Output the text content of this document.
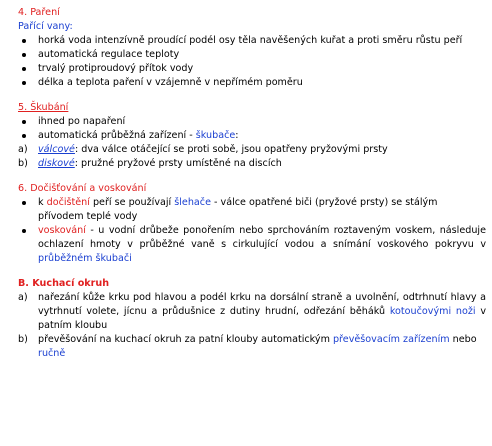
4. Paření
Pařící vany:
horká voda intenzívně proudící podél osy těla navěšených kuřat a proti směru růstu peří
automatická regulace teploty
trvalý protiproudový přítok vody
délka a teplota paření v vzájemně v nepřímém poměru
5. Škubání
ihned po napaření
automatická průběžná zařízení - škubače:
a)	válcové: dva válce otáčející se proti sobě, jsou opatřeny pryžovými prsty
b)	diskové: pružné pryžové prsty umístěné na discích
6. Dočišťování a voskování
k dočištění peří se používají šlehače - válce opatřené biči (pryžové prsty) se stálým přívodem teplé vody
voskování - u vodní drůbeže ponořením nebo sprchováním roztaveným voskem, následuje ochlazení hmoty v průběžné vaně s cirkulující vodou a snímání voskového pokryvu v průběžném škubači
B. Kuchací okruh
a)	nařezání kůže krku pod hlavou a podél krku na dorsální straně a uvolnění, odtrhnutí hlavy a vytrhnutí volete, jícnu a průdušnice z dutiny hrudní, odřezání běháků kotoučovými noži v patním kloubu
b)	převěšování na kuchací okruh za patní klouby automatickým převěšovacím zařízením nebo ručně
